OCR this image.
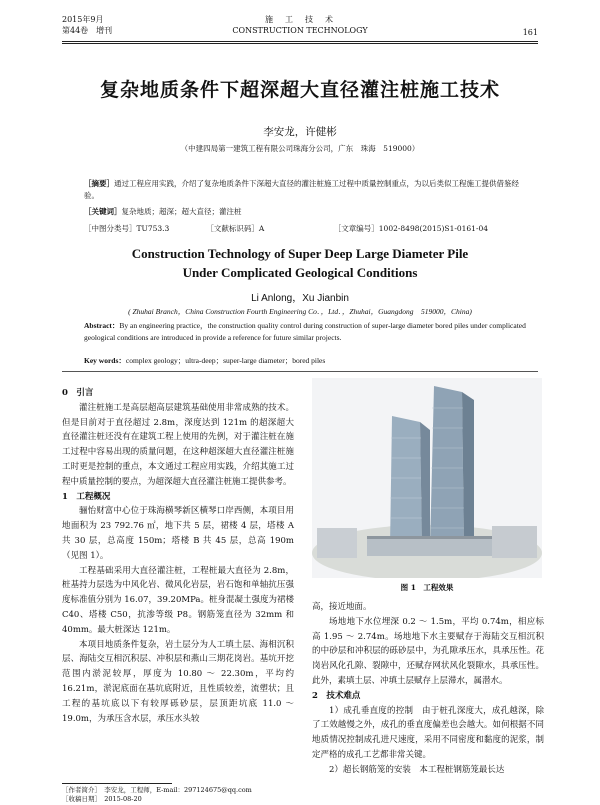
2015年9月
第44卷　增刊
施　工　技　术
CONSTRUCTION TECHNOLOGY	161
复杂地质条件下超深超大直径灌注桩施工技术
李安龙，许健彬
（中建四局第一建筑工程有限公司珠海分公司，广东　珠海　519000）
［摘要］通过工程应用实践，介绍了复杂地质条件下深超大直径的灌注桩施工过程中质量控制重点，为以后类似工程施工提供借鉴经验。
［关键词］复杂地质；超深；超大直径；灌注桩
［中图分类号］TU753.3	［文献标识码］A	［文章编号］1002-8498(2015)S1-0161-04
Construction Technology of Super Deep Large Diameter Pile
Under Complicated Geological Conditions
Li Anlong，Xu Jianbin
( Zhuhai Branch，China Construction Fourth Engineering Co．，Ltd．，Zhuhai，Guangdong　519000，China)
Abstract：By an engineering practice，the construction quality control during construction of super-large diameter bored piles under complicated geological conditions are introduced in provide a reference for future similar projects.
Key words：complex geology；ultra-deep；super-large diameter；bored piles

0　引言

灌注桩施工是高层超高层建筑基础使用非常成熟的技术。但是目前对于直径超过 2.8m，深度达到 121m 的超深超大直径灌注桩还没有在建筑工程上使用的先例，对于灌注桩在施工过程中容易出现的质量问题，在这种超深超大直径灌注桩施工时更是控制的重点，本文通过工程应用实践，介绍其施工过程中质量控制的要点，为超深超大直径灌注桩施工提供参考。

1　工程概况

骊怡财富中心位于珠海横琴新区横琴口岸西侧，本项目用地面积为 23 792.76 ㎡，地下共 5 层，裙楼 4 层，塔楼 A 共 30 层，总高度 150m；塔楼 B 共 45 层，总高 190m（见图 1）。

工程基础采用大直径灌注桩，工程桩最大直径为 2.8m，桩基持力层选为中风化岩、微风化岩层，岩石饱和单轴抗压强度标准值分别为 16.07，39.20MPa。桩身混凝土强度为裙楼 C40、塔楼 C50，抗渗等级 P8。钢筋笼直径为 32mm 和 40mm。最大桩深达 121m。

本项目地质条件复杂，岩土层分为人工填土层、海相沉积层、海陆交互相沉积层、冲积层和燕山三期花岗岩。基坑开挖范围内淤泥较厚，厚度为 10.80 ～ 22.30m，平均约 16.21m，淤泥底面在基坑底附近，且性质较差，流塑状；且工程的基坑底以下有较厚砾砂层，层顶距坑底 11.0 ～ 19.0m，为承压含水层，承压水头较

图 1　工程效果

高，接近地面。

场地地下水位埋深 0.2 ～ 1.5m，平均 0.74m，相应标高 1.95 ～ 2.74m。场地地下水主要赋存于海陆交互相沉积的中砂层和冲积层的砾砂层中，为孔隙承压水，具承压性。花岗岩风化孔隙、裂隙中，还赋存网状风化裂隙水，具承压性。此外，素填土层、冲填土层赋存上层滞水，属潜水。

2　技术难点

1）成孔垂直度的控制　由于桩孔深度大，成孔越深，除了工效越慢之外，成孔的垂直度偏差也会越大。如何根据不同地质情况控制成孔进尺速度，采用不同密度和黏度的泥浆，制定严格的成孔工艺都非常关键。

2）超长钢筋笼的安装　本工程桩钢筋笼最长达

［作者简介］　李安龙，工程师，E-mail：297124675@qq.com
［收稿日期］　2015-08-20
